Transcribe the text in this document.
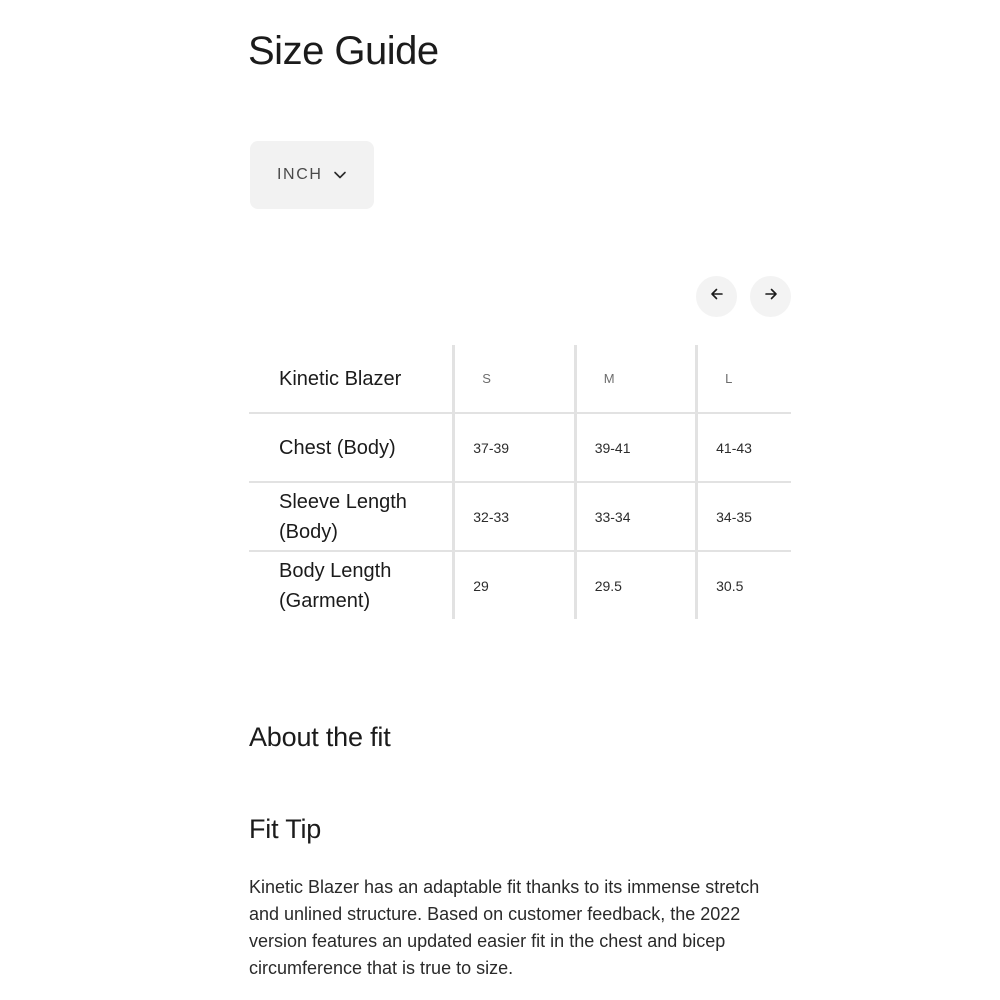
Size Guide
INCH
Kinetic Blazer	S	M	L
Chest (Body)	37-39	39-41	41-43
Sleeve Length (Body)	32-33	33-34	34-35
Body Length (Garment)	29	29.5	30.5
About the fit
Fit Tip

Kinetic Blazer has an adaptable fit thanks to its immense stretch and unlined structure. Based on customer feedback, the 2022 version features an updated easier fit in the chest and bicep circumference that is true to size.
